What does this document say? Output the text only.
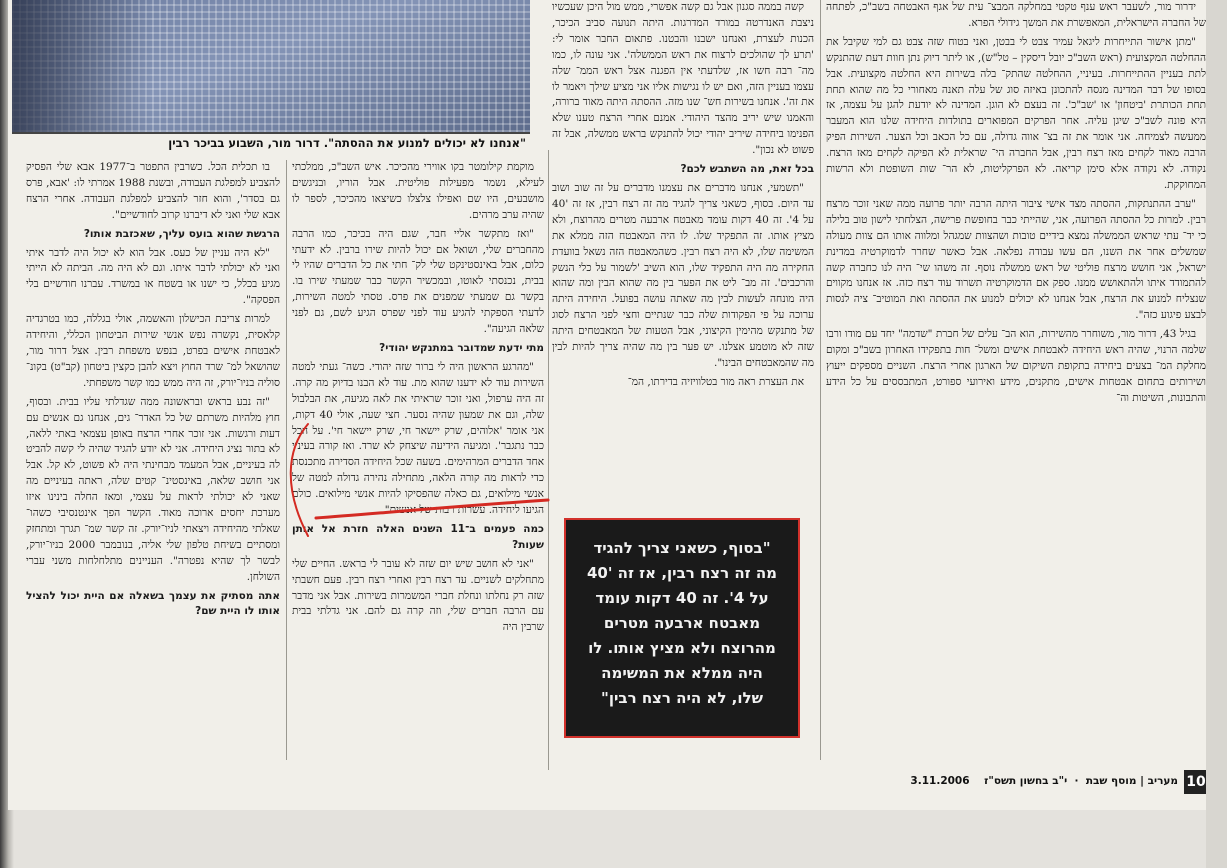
"אנחנו לא יכולים למנוע את ההסתה". דרור מור, השבוע בביכר רבין

ידרור מור, לשעבר ראש ענף טקטי במחלקה המבצ־ עית של אגף האבטחה בשב"כ, לפתחה של החברה הישראלית, המאפשרת את המשך גידולי הפרא.

"מתן אישור התייחרות ליגאל עמיר צבט לי בבטן, ואני בטוח שזה צבט גם למי שקיבל את ההחלטה המקצועית (ראש השב"כ יובל דיסקין – טל"ש), או ליתר דיוק נתן חוות דעת שהתנקש לתת בעניין ההתייחרות. בעיניי, ההחלטה שהתק־ בלה בשירות היא החלטה מקצועית. אבל בסופו של דבר המדינה מנסה להתכונן באיזה סוג של עלה תאנה מאחורי כל מה שהוא תחת תחת הכותרת 'ביטחון' או 'שב"כ'. זה בעצם לא הוגן. המדינה לא יודעת להגן על עצמה, אז היא פונה לשב"כ שיגן עליה. אחר הפרקים המפוארים בתולדות היחידה שלנו הוא המעבר ממעשה לצמיחה. אני אומר את זה בצ־ אווה גדולה, עם כל הכאב וכל הצער. השירות הפיק הרבה מאוד לקחים מאז רצח רבין, אבל החברה הי־ שראלית לא הפיקה לקחים מאז הרצח. נקודה. לא נקודה אלא סימן קריאה. לא הפרקליטות, לא הר־ שות השופטת ולא הרשות המחוקקת.

"ערב ההתנתקות, ההסתה מצד אישי ציבור היתה הרבה יותר פרועה ממה שאני זוכר מרצח רבין. למרות כל ההסתה הפרועה, אני, שהייתי כבר בחופשת פרישה, הצלחתי לישון טוב בלילה כי יד־ עתי שראש הממשלה נמצא בידיים טובות ושהצוות שמגהל ומלווה אותו הם צוות מעולה שמשלים אחר את השנו, הם עשו עבודה נפלאה. אבל כאשר שחרר לדמוקרטיה במדינת ישראל, אני חושש מרצח פוליטי של ראש ממשלה נוסף. זה משהו שי־ היה לנו כחברה קשה להתמודד איתו ולהתאושש ממנו. ספק אם הדמוקרטיה תשרוד עוד רצח כזה. אז אנחנו מקווים שנצליח למנוע את הרצח, אבל אנחנו לא יכולים למנוע את ההסתה ואת המוטיב־ ציה לנסות לבצע פיגוע כזה".

בגיל 43, דרור מור, משוחרר מהשירות, הוא הב־ עלים של חברת "שדמה" יחד עם מודו ורבו שלמה הרנוי, שהיה ראש היחידה לאבטחת אישים ומשל־ חות בתפקידו האחרון בשב"כ ומקום מחלקת המ־ בצעים ביחידה בתקופת השיקום של הארגון אחרי הרצח. השניים מספקים ייעוץ ושירותים בתחום אבטחות אישים, מתקנים, מידע ואירועי ספורט, המתבססים על כל הידע והתבונות, השיטות וה־

קשה בממה סגנון אבל גם קשה אפשרי, ממש מול היכן שעכשיו ניצבת האנדרטה במורד המדרגות. היתה תנועה סביב הכיכר, הכנות לעצרת, ואנחנו ישבנו והבטנו. פתאום החבר אומר לי: 'תרע לך שהולכים לרצוח את ראש הממשלה'. אני עונה לו, כמו מה־ רבה חשו אז, שלדעתי אין הפגנה אצל ראש הממ־ שלה עצמו בעניין הזה, ואם יש לו נגישות אליו אני מציע שילך ויאמר לו את זה'. אנחנו בשירות חש־ שנו מזה. ההסתה היתה מאוד ברורה, והאמנו שיש יריב מהצד היהודי. אמנם אחרי הרצח טענו שלא הפנימו ביחידה שיריב יהודי יכול להתנקש בראש ממשלה, אבל זה פשוט לא נכון".

בכל זאת, מה השתבש לכם?

"תשמעי, אנחנו מדברים את עצמנו מדברים על זה שוב ושוב עד היום. בסוף, כשאני צריך להגיד מה זה רצח רבין, אז זה '40 על 4'. זה 40 דקות עומד מאבטח ארבעה מטרים מהרוצח, ולא מציץ אותו. זה התפקיד שלו. לו היה המאבטח הזה ממלא את המשימה שלו, לא היה רצח רבין. כשהמאבטח הזה נשאל בוועדת החקירה מה היה התפקיד שלו, הוא השיב 'לשמור על כלי הנשק והרכבים'. זה מב־ ליט את הפער בין מה שהוא הבין ומה שהוא היה מונחה לעשות לבין מה שאתה עושה בפועל. היחידה היתה ערוכה על פי הפקודות שלה כבר שנתיים וחצי לפני הרצח לסוג של מתנקש מהימין הקיצוני, אבל הטעות של המאבטחים היתה שזה לא מוטמע אצלנו. יש פער בין מה שהיה צריך להיות לבין מה שהמאבטחים הבינו".

את העצרת ראה מור בטלוויזיה בדירתו, המ־

מוקמת קילומטר בקו אווירי מהכיכר. איש השב"כ, ממלכתי לעילא, נשמר מפעילות פוליטית. אבל הוריו, ובניגשים מושבעים, היו שם ואפילו צלצלו כשיצאו מהכיכר, לספר לו שהיה ערב מרהים.

"ואז מתקשר אליי חבר, שגם היה בכיכר, כמו הרבה מהחברים שלי, ושואל אם יכול להיות שירו ברבין. לא ידעתי כלום, אבל באינסטינקט שלי לק־ חתי את כל הדברים שהיו לי בבית, נכנסתי לאוטו, ובמכשיר הקשר כבר שמעתי שירו בו. בקשר גם שמעתי שמפנים את פרס. טסתי למטה השירות, לדעתי הספקתי להגיע עוד לפני שפרס הגיע לשם, גם לפני שלאה הגיעה".

מתי ידעת שמדובר במתנקש יהודי?

"מהרגע הראשון היה לי ברור שזה יהודי. כשה־ געתי למטה השירות עוד לא ידענו שהוא מת. עוד לא הבנו בדיוק מה קרה. זה היה ערפול, ואני זוכר שראיתי את לאה מגיעה, את הבלבול שלה, וגם את שמעון שהיה נסער. חצי שעה, אולי 40 דקות, אני אומר 'אלוהים, שרק יישאר חי, שרק יישאר חי'. על הכל כבר נתגבר'. ומגיעה הידיעה שיצחק לא שרד. ואז קורה בעיניי אחד הדברים המרהימים. בשעה שכל היחידה הסדירה מתכנסת כדי לראות מה קורה הלאה, מתחילה נהירה גדולה למטה של אנשי מילואים, גם כאלה שהפסיקו להיות אנשי מילואים. כולם הגיעו ליחידה. עשרות רבות של אנשים".

כמה פעמים ב־11 השנים האלה חזרת אל אותן שעות?

"אני לא חושב שיש יום שזה לא עובר לי בראש. החיים שלי מתחלקים לשניים. עד רצח רבין ואחרי רצח רבין. פעם חשבתי שזה רק נחלתו ונחלת חברי המשמרות בשירות. אבל אני מדבר עם הרבה חברים שלי, וזה קרה גם להם. אני גדלתי בבית שרבין היה

בו תכלית הכל. כשרבין התפטר ב־1977 אבא שלי הפסיק להצביע למפלגת העבודה, ובשנת 1988 אמרתי לו: 'אבא, פרס גם בסדר', והוא חזר להצביע למפלגת העבודה. אחרי הרצח אבא שלי ואני לא דיברנו קרוב לחודשיים".

הרגשת שהוא בועס עליך, שאכזבת אותו?

"לא היה עניין של כעס. אבל הוא לא יכול היה לדבר איתי ואני לא יכולתי לדבר איתו. וגם לא היה מה. הביתה לא הייתי מגיע בכלל, כי ישנו או בשטח או במשרד. עברנו חודשיים בלי הפסקה".

למרות צריבת הכישלון והאשמה, אולי בגללה, כמו בטרגדיה קלאסית, נקשרה נפש אנשי שירות הביטחון הכללי, והיחידה לאבטחת אישים בפרט, בנפש משפחת רבין. אצל דרור מור, שהושאל למ־ שרד החוץ ויצא להבן כקצין ביטחון (קב"ט) בקונ־ סוליה בניו־יורק, זה היה ממש כמו קשר משפחתי.

"זה נבע בראש ובראשונה ממה שגדלתי עליו בבית. ובסוף, חוץ מלהיות משרתם של כל האדר־ גים, אנחנו גם אנשים עם דעות ורגשות. אני זוכר אחרי הרצח באופן עצמאי באתי ללאה, לא בתור נציג היחידה. אני לא יודע להגיד שהיה לי קשה להביט לה בעיניים, אבל המעמד מבחינתי היה לא פשוט, לא קל. אבל אני חושב שלאה, באינסטינ־ קטים שלה, ראתה בעיניים מה שאני לא יכולתי לראות על עצמי, ומאז החלה בינינו איזו מערכת יחסים ארוכה מאוד. הקשר הפך אינטנסיבי כשהו־ שאלתי מהיחידה ויצאתי לניו־יורק. זה קשר שמ־ תגרך ומתחזק ומסתיים בשיחת טלפון שלי אליה, בנובמבר 2000 בניו־יורק, לבשר לך שהיא נפטרה". העניינים מתלחלחות משני עברי השולחן.

אתה מסתיק את עצמך בשאלה אם היית יכול להציל אותו לו היית שם?

"בסוף, כשאני צריך להגיד מה זה רצח רבין, אז זה '40 על 4'. זה 40 דקות עומד מאבטח ארבעה מטרים מהרוצח ולא מציץ אותו. לו היה ממלא את המשימה שלו, לא היה רצח רבין"
10
מעריב | מוסף שבת  ·  י"ב בחשון תשס"ז    3.11.2006
